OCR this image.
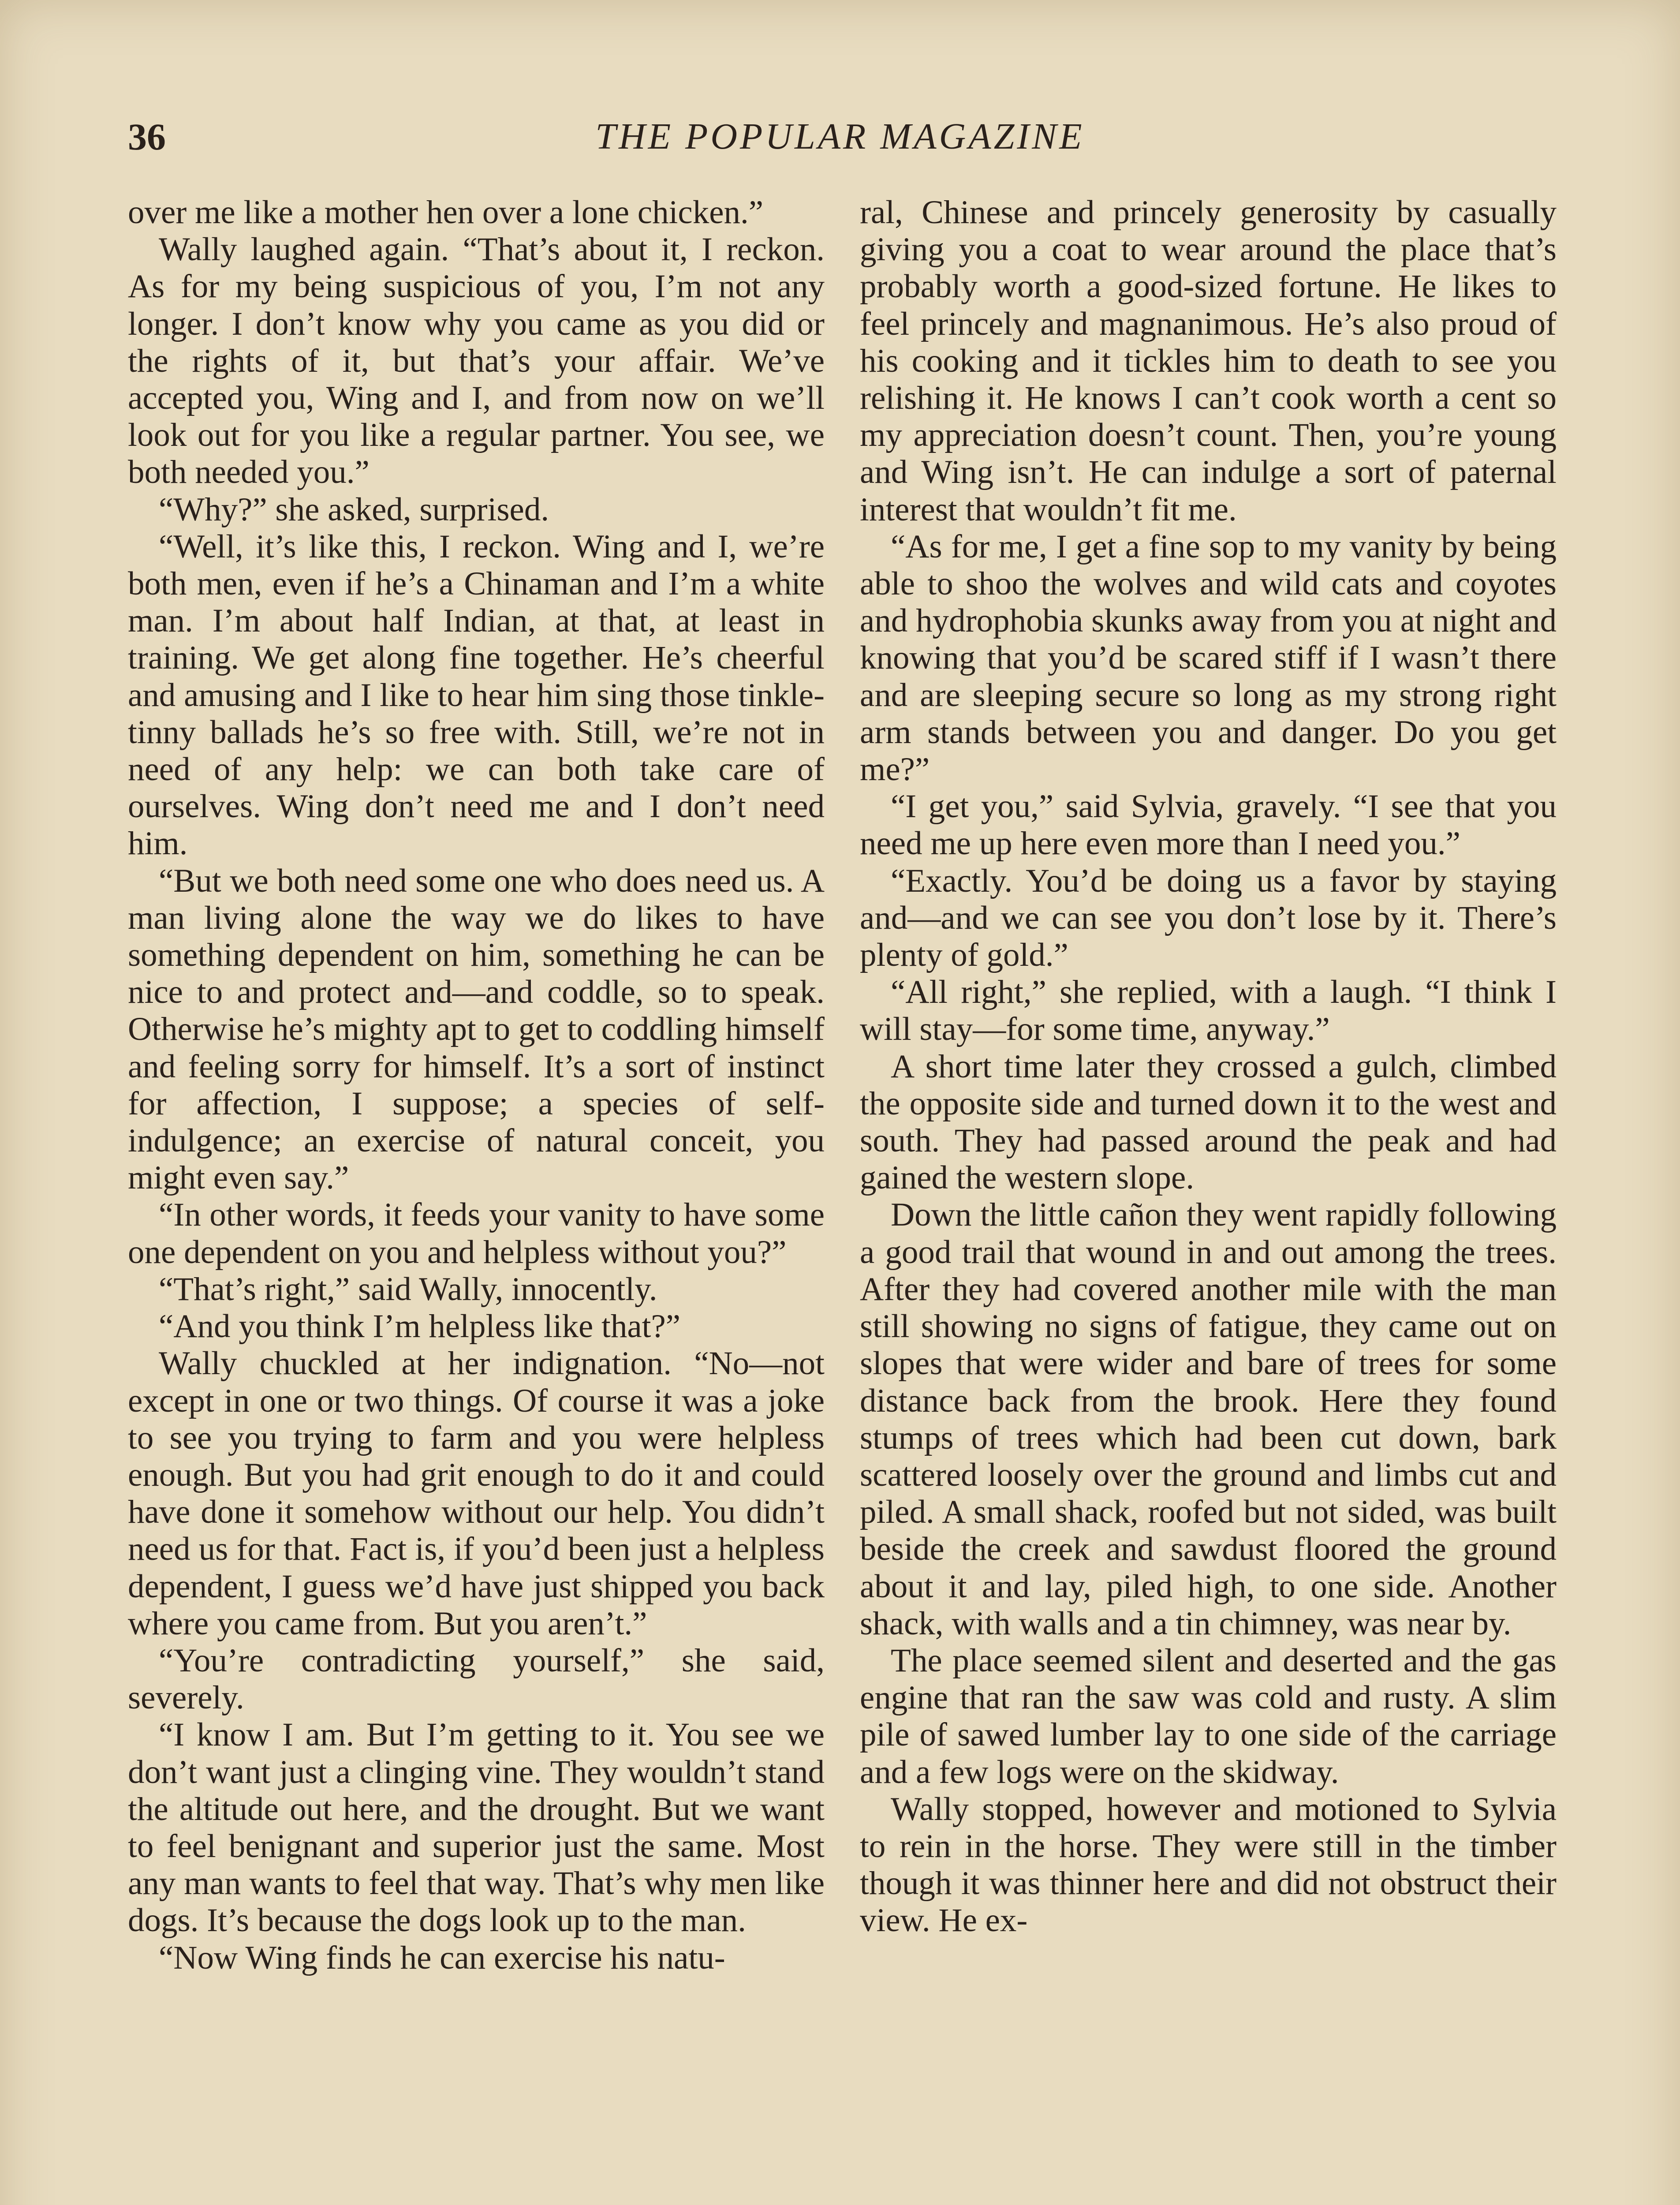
36	THE POPULAR MAGAZINE

over me like a mother hen over a lone chicken.”

Wally laughed again. “That’s about it, I reckon. As for my being suspicious of you, I’m not any longer. I don’t know why you came as you did or the rights of it, but that’s your affair. We’ve accepted you, Wing and I, and from now on we’ll look out for you like a regular partner. You see, we both needed you.”

“Why?” she asked, surprised.

“Well, it’s like this, I reckon. Wing and I, we’re both men, even if he’s a Chinaman and I’m a white man. I’m about half Indian, at that, at least in training. We get along fine together. He’s cheerful and amusing and I like to hear him sing those tinkle-tinny ballads he’s so free with. Still, we’re not in need of any help: we can both take care of ourselves. Wing don’t need me and I don’t need him.

“But we both need some one who does need us. A man living alone the way we do likes to have something dependent on him, something he can be nice to and protect and—and coddle, so to speak. Otherwise he’s mighty apt to get to coddling himself and feeling sorry for himself. It’s a sort of instinct for affection, I suppose; a species of self-indulgence; an exercise of natural conceit, you might even say.”

“In other words, it feeds your vanity to have some one dependent on you and helpless without you?”

“That’s right,” said Wally, innocently.

“And you think I’m helpless like that?”

Wally chuckled at her indignation. “No—not except in one or two things. Of course it was a joke to see you trying to farm and you were helpless enough. But you had grit enough to do it and could have done it somehow without our help. You didn’t need us for that. Fact is, if you’d been just a helpless dependent, I guess we’d have just shipped you back where you came from. But you aren’t.”

“You’re contradicting yourself,” she said, severely.

“I know I am. But I’m getting to it. You see we don’t want just a clinging vine. They wouldn’t stand the altitude out here, and the drought. But we want to feel benignant and superior just the same. Most any man wants to feel that way. That’s why men like dogs. It’s because the dogs look up to the man.

“Now Wing finds he can exercise his natu-

ral, Chinese and princely generosity by casually giving you a coat to wear around the place that’s probably worth a good-sized fortune. He likes to feel princely and magnanimous. He’s also proud of his cooking and it tickles him to death to see you relishing it. He knows I can’t cook worth a cent so my appreciation doesn’t count. Then, you’re young and Wing isn’t. He can indulge a sort of paternal interest that wouldn’t fit me.

“As for me, I get a fine sop to my vanity by being able to shoo the wolves and wild cats and coyotes and hydrophobia skunks away from you at night and knowing that you’d be scared stiff if I wasn’t there and are sleeping secure so long as my strong right arm stands between you and danger. Do you get me?”

“I get you,” said Sylvia, gravely. “I see that you need me up here even more than I need you.”

“Exactly. You’d be doing us a favor by staying and—and we can see you don’t lose by it. There’s plenty of gold.”

“All right,” she replied, with a laugh. “I think I will stay—for some time, anyway.”

A short time later they crossed a gulch, climbed the opposite side and turned down it to the west and south. They had passed around the peak and had gained the western slope.

Down the little cañon they went rapidly following a good trail that wound in and out among the trees. After they had covered another mile with the man still showing no signs of fatigue, they came out on slopes that were wider and bare of trees for some distance back from the brook. Here they found stumps of trees which had been cut down, bark scattered loosely over the ground and limbs cut and piled. A small shack, roofed but not sided, was built beside the creek and sawdust floored the ground about it and lay, piled high, to one side. Another shack, with walls and a tin chimney, was near by.

The place seemed silent and deserted and the gas engine that ran the saw was cold and rusty. A slim pile of sawed lumber lay to one side of the carriage and a few logs were on the skidway.

Wally stopped, however and motioned to Sylvia to rein in the horse. They were still in the timber though it was thinner here and did not obstruct their view. He ex-
